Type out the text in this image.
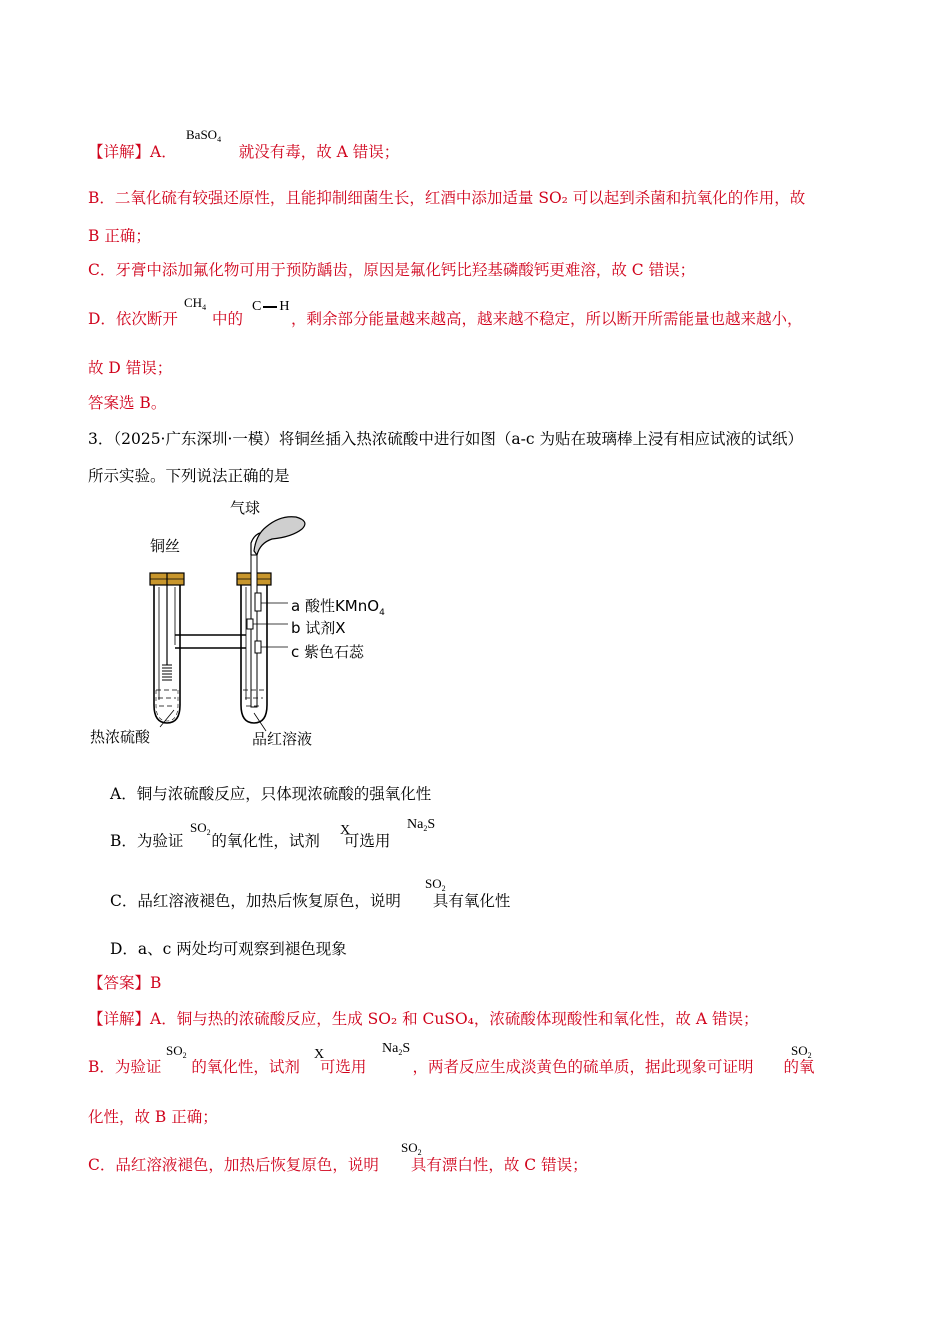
【详解】A．	就没有毒，故 A 错误；
BaSO$_4$
B．二氧化硫有较强还原性，且能抑制细菌生长，红酒中添加适量 SO₂ 可以起到杀菌和抗氧化的作用，故
B 正确；
C．牙膏中添加氟化物可用于预防龋齿，原因是氟化钙比羟基磷酸钙更难溶，故 C 错误；
D．依次断开 中的	，剩余部分能量越来越高，越来越不稳定，所以断开所需能量也越来越小，
$CH_4$	C H
故 D 错误；
答案选 B。
3．（2025·广东深圳·一模）将铜丝插入热浓硫酸中进行如图（a-c 为贴在玻璃棒上浸有相应试液的试纸）
所示实验。下列说法正确的是
气球
铜丝
a 酸性KMnO$_4$
b 试剂X
c 紫色石蕊
热浓硫酸	品红溶液
A．铜与浓硫酸反应，只体现浓硫酸的强氧化性
B．为验证 的氧化性，试剂 可选用
$SO_2$	X	$Na_2S$
C．品红溶液褪色，加热后恢复原色，说明 具有氧化性
$SO_2$
D．a、c 两处均可观察到褪色现象
【答案】B
【详解】A．铜与热的浓硫酸反应，生成 SO₂ 和 CuSO₄，浓硫酸体现酸性和氧化性，故 A 错误；
B．为验证 的氧化性，试剂 可选用	，两者反应生成淡黄色的硫单质，据此现象可证明 的氧
$SO_2$	X	$Na_2S$	$SO_2$
化性，故 B 正确；
C．品红溶液褪色，加热后恢复原色，说明 具有漂白性，故 C 错误；
$SO_2$
